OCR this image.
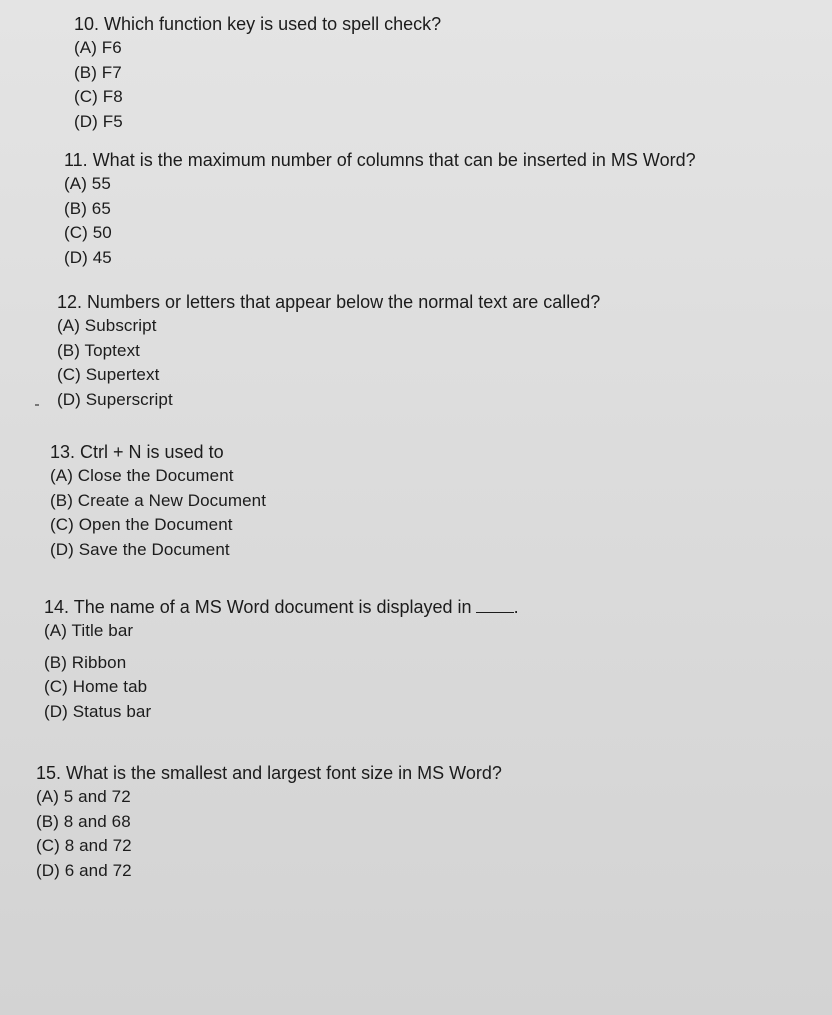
10. Which function key is used to spell check?

(A) F6

(B) F7

(C) F8

(D) F5

11. What is the maximum number of columns that can be inserted in MS Word?

(A) 55

(B) 65

(C) 50

(D) 45

12. Numbers or letters that appear below the normal text are called?

(A) Subscript

(B) Toptext

(C) Supertext

(D) Superscript

13. Ctrl + N is used to

(A) Close the Document

(B) Create a New Document

(C) Open the Document

(D) Save the Document

14. The name of a MS Word document is displayed in .

(A) Title bar

(B) Ribbon

(C) Home tab

(D) Status bar

15. What is the smallest and largest font size in MS Word?

(A) 5 and 72

(B) 8 and 68

(C) 8 and 72

(D) 6 and 72
